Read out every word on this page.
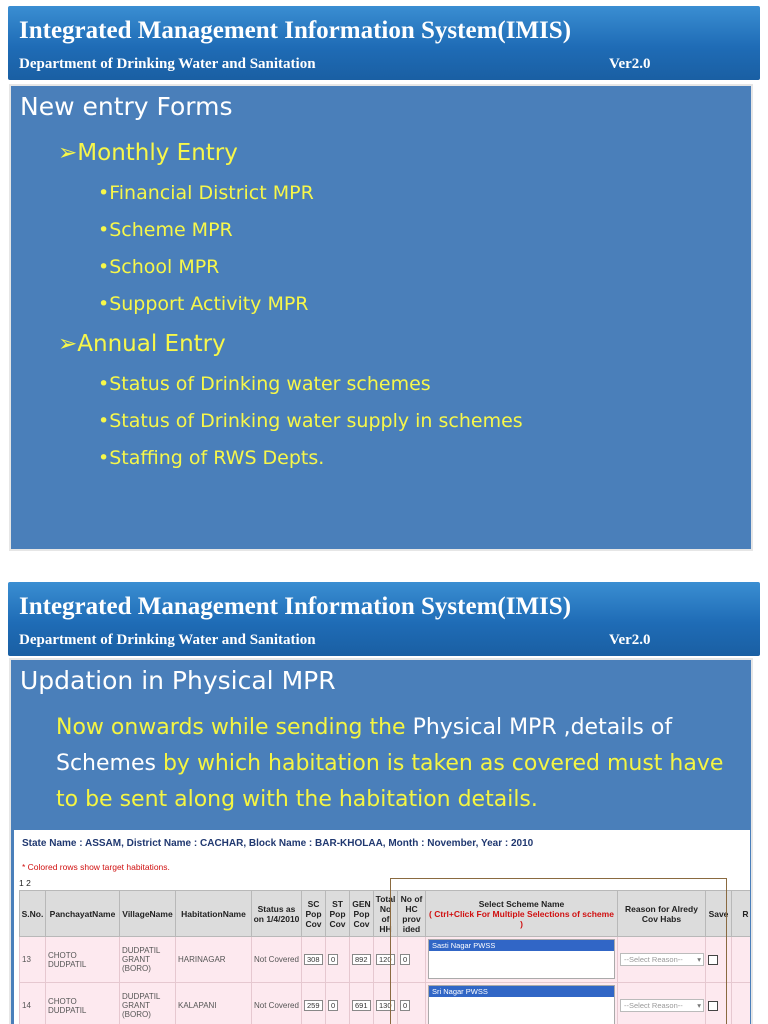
Integrated Management Information System(IMIS)
Department of Drinking Water and Sanitation	Ver2.0
New entry Forms
➢Monthly Entry
•Financial District MPR
•Scheme MPR
•School MPR
•Support Activity MPR
➢Annual Entry
•Status of Drinking water schemes
•Status of Drinking water supply in schemes
•Staffing of RWS Depts.
Integrated Management Information System(IMIS)
Department of Drinking Water and Sanitation	Ver2.0
Updation in Physical MPR
Now onwards while sending the Physical MPR ,details of
Schemes by which habitation is taken as covered must have to be sent along with the habitation details.
State Name : ASSAM, District Name : CACHAR, Block Name : BAR-KHOLAA, Month : November, Year : 2010
* Colored rows show target habitations.
1 2
S.No.	PanchayatName	VillageName	HabitationName	Status as on 1/4/2010	SC Pop Cov	ST Pop Cov	GEN Pop Cov	Total No of HH	No of HC prov ided	Select Scheme Name
( Ctrl+Click For Multiple Selections of scheme )	Reason for Alredy Cov Habs	Save	R
13	CHOTO DUDPATIL	DUDPATIL GRANT (BORO)	HARINAGAR	Not Covered	308	0	892	120	0	Sasti Nagar PWSS	--Select Reason-- ▾		

14	CHOTO DUDPATIL	DUDPATIL GRANT (BORO)	KALAPANI	Not Covered	259	0	691	130	0	Sri Nagar PWSS	--Select Reason-- ▾		
